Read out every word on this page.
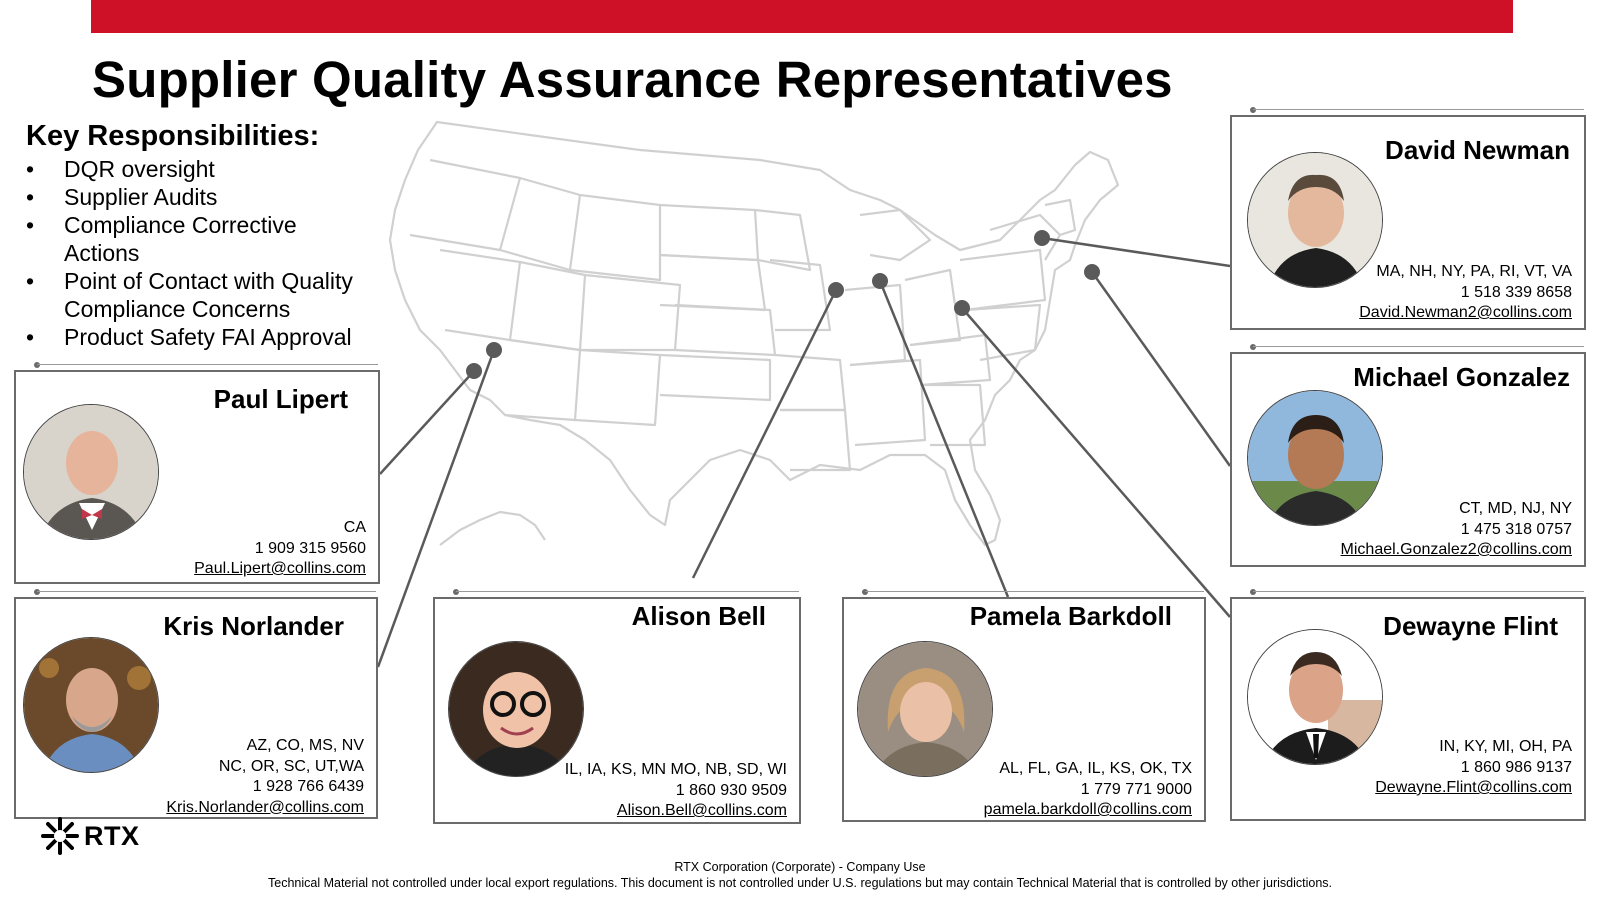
Supplier Quality Assurance Representatives
Key Responsibilities:
• DQR oversight
• Supplier Audits
• Compliance Corrective Actions
• Point of Contact with Quality Compliance Concerns
• Product Safety FAI Approval
David Newman
MA, NH, NY, PA, RI, VT, VA
1 518 339 8658
David.Newman2@collins.com
Michael Gonzalez
CT, MD, NJ, NY
1 475 318 0757
Michael.Gonzalez2@collins.com
Paul Lipert
CA
1 909 315 9560
Paul.Lipert@collins.com
Kris Norlander
AZ, CO, MS, NV
NC, OR, SC, UT,WA
1 928 766 6439
Kris.Norlander@collins.com
Alison Bell
IL, IA, KS, MN MO, NB, SD, WI
1 860 930 9509
Alison.Bell@collins.com
Pamela Barkdoll
AL, FL, GA, IL, KS, OK, TX
1 779 771 9000
pamela.barkdoll@collins.com
Dewayne Flint
IN, KY, MI, OH, PA
1 860 986 9137
Dewayne.Flint@collins.com
RTX
RTX Corporation (Corporate) - Company Use
Technical Material not controlled under local export regulations. This document is not controlled under U.S. regulations but may contain Technical Material that is controlled by other jurisdictions.
